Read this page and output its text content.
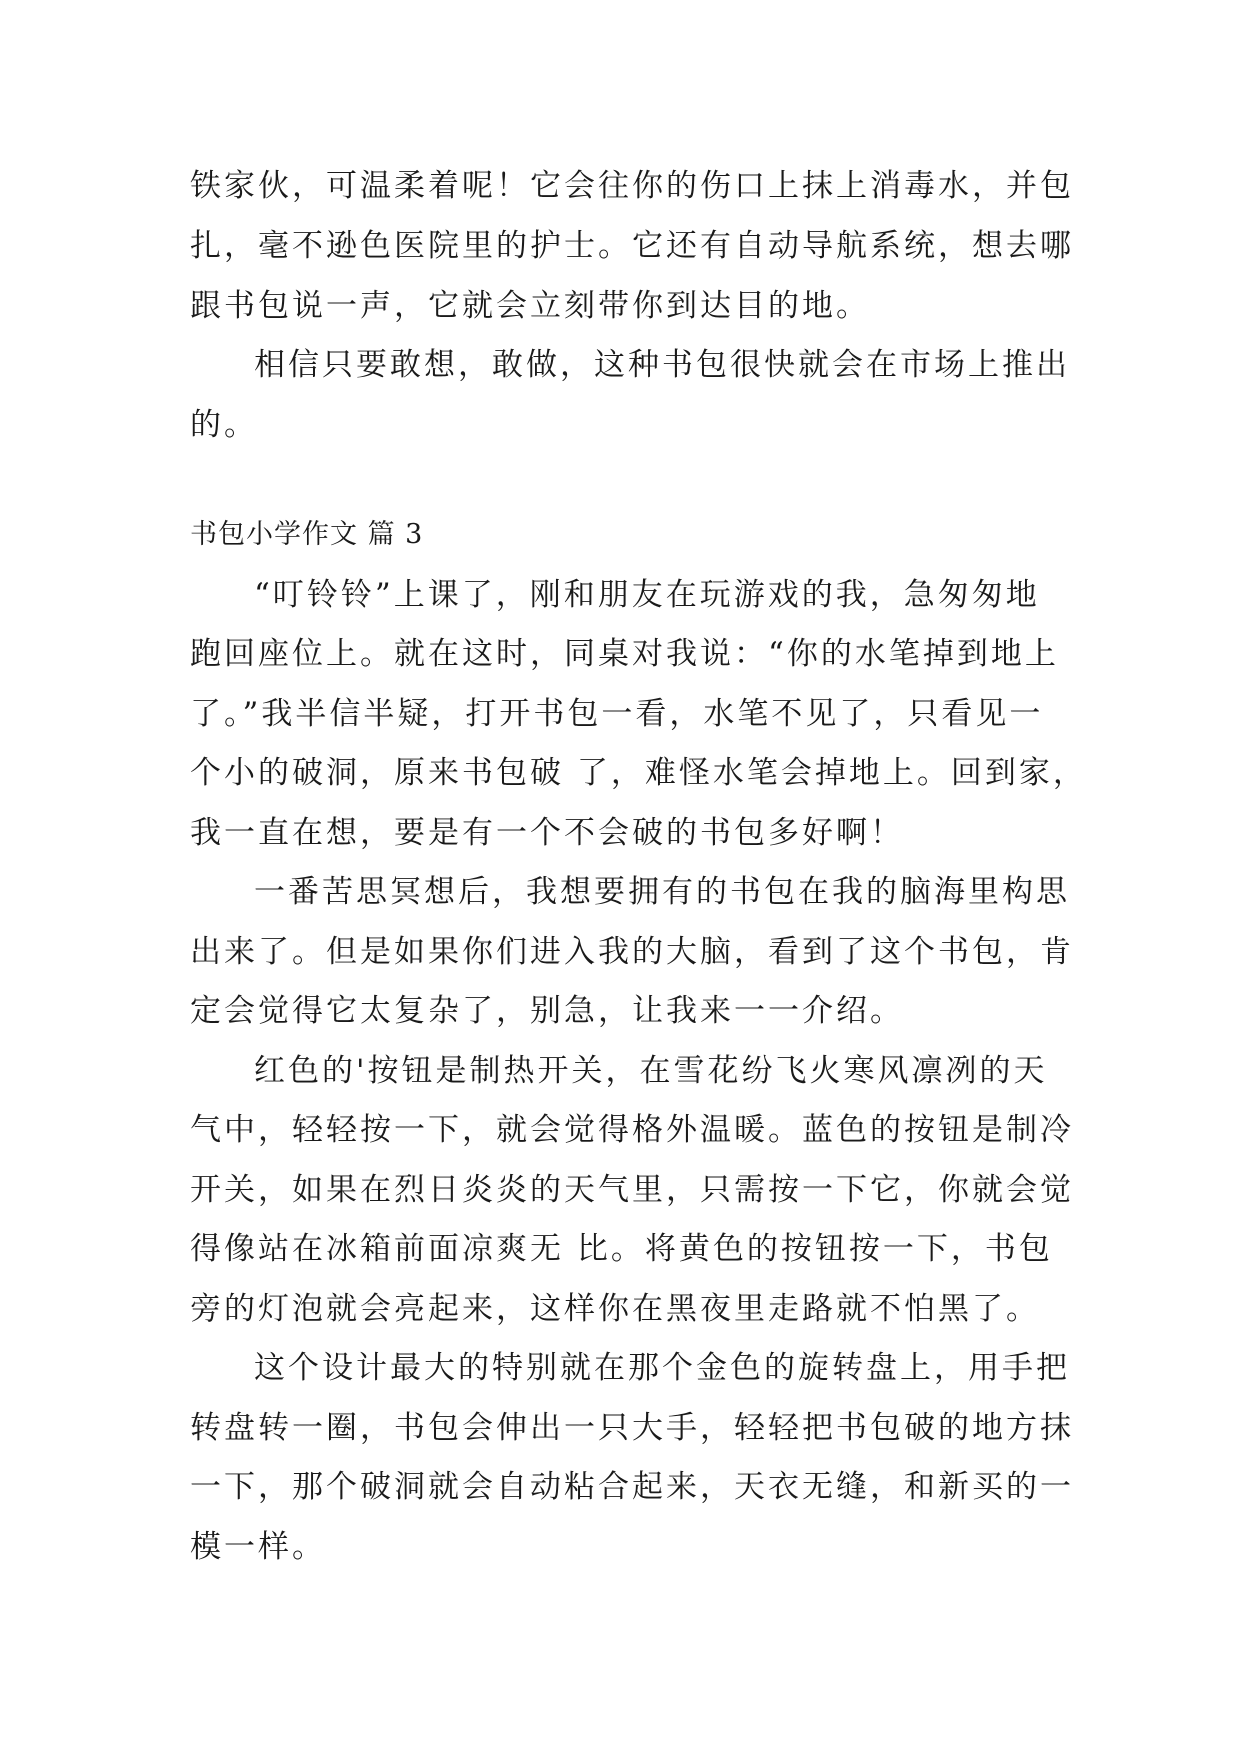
铁家伙，可温柔着呢！它会往你的伤口上抹上消毒水，并包
扎，毫不逊色医院里的护士。它还有自动导航系统，想去哪
跟书包说一声，它就会立刻带你到达目的地。
相信只要敢想，敢做，这种书包很快就会在市场上推出
的。
书包小学作文 篇 3
“叮铃铃”上课了，刚和朋友在玩游戏的我，急匆匆地
跑回座位上。就在这时，同桌对我说：“你的水笔掉到地上
了。”我半信半疑，打开书包一看，水笔不见了，只看见一
个小的破洞，原来书包破 了，难怪水笔会掉地上。回到家，
我一直在想，要是有一个不会破的书包多好啊！
一番苦思冥想后，我想要拥有的书包在我的脑海里构思
出来了。但是如果你们进入我的大脑，看到了这个书包，肯
定会觉得它太复杂了，别急，让我来一一介绍。
红色的'按钮是制热开关，在雪花纷飞火寒风凛冽的天
气中，轻轻按一下，就会觉得格外温暖。蓝色的按钮是制冷
开关，如果在烈日炎炎的天气里，只需按一下它，你就会觉
得像站在冰箱前面凉爽无 比。将黄色的按钮按一下，书包
旁的灯泡就会亮起来，这样你在黑夜里走路就不怕黑了。
这个设计最大的特别就在那个金色的旋转盘上，用手把
转盘转一圈，书包会伸出一只大手，轻轻把书包破的地方抹
一下，那个破洞就会自动粘合起来，天衣无缝，和新买的一
模一样。
